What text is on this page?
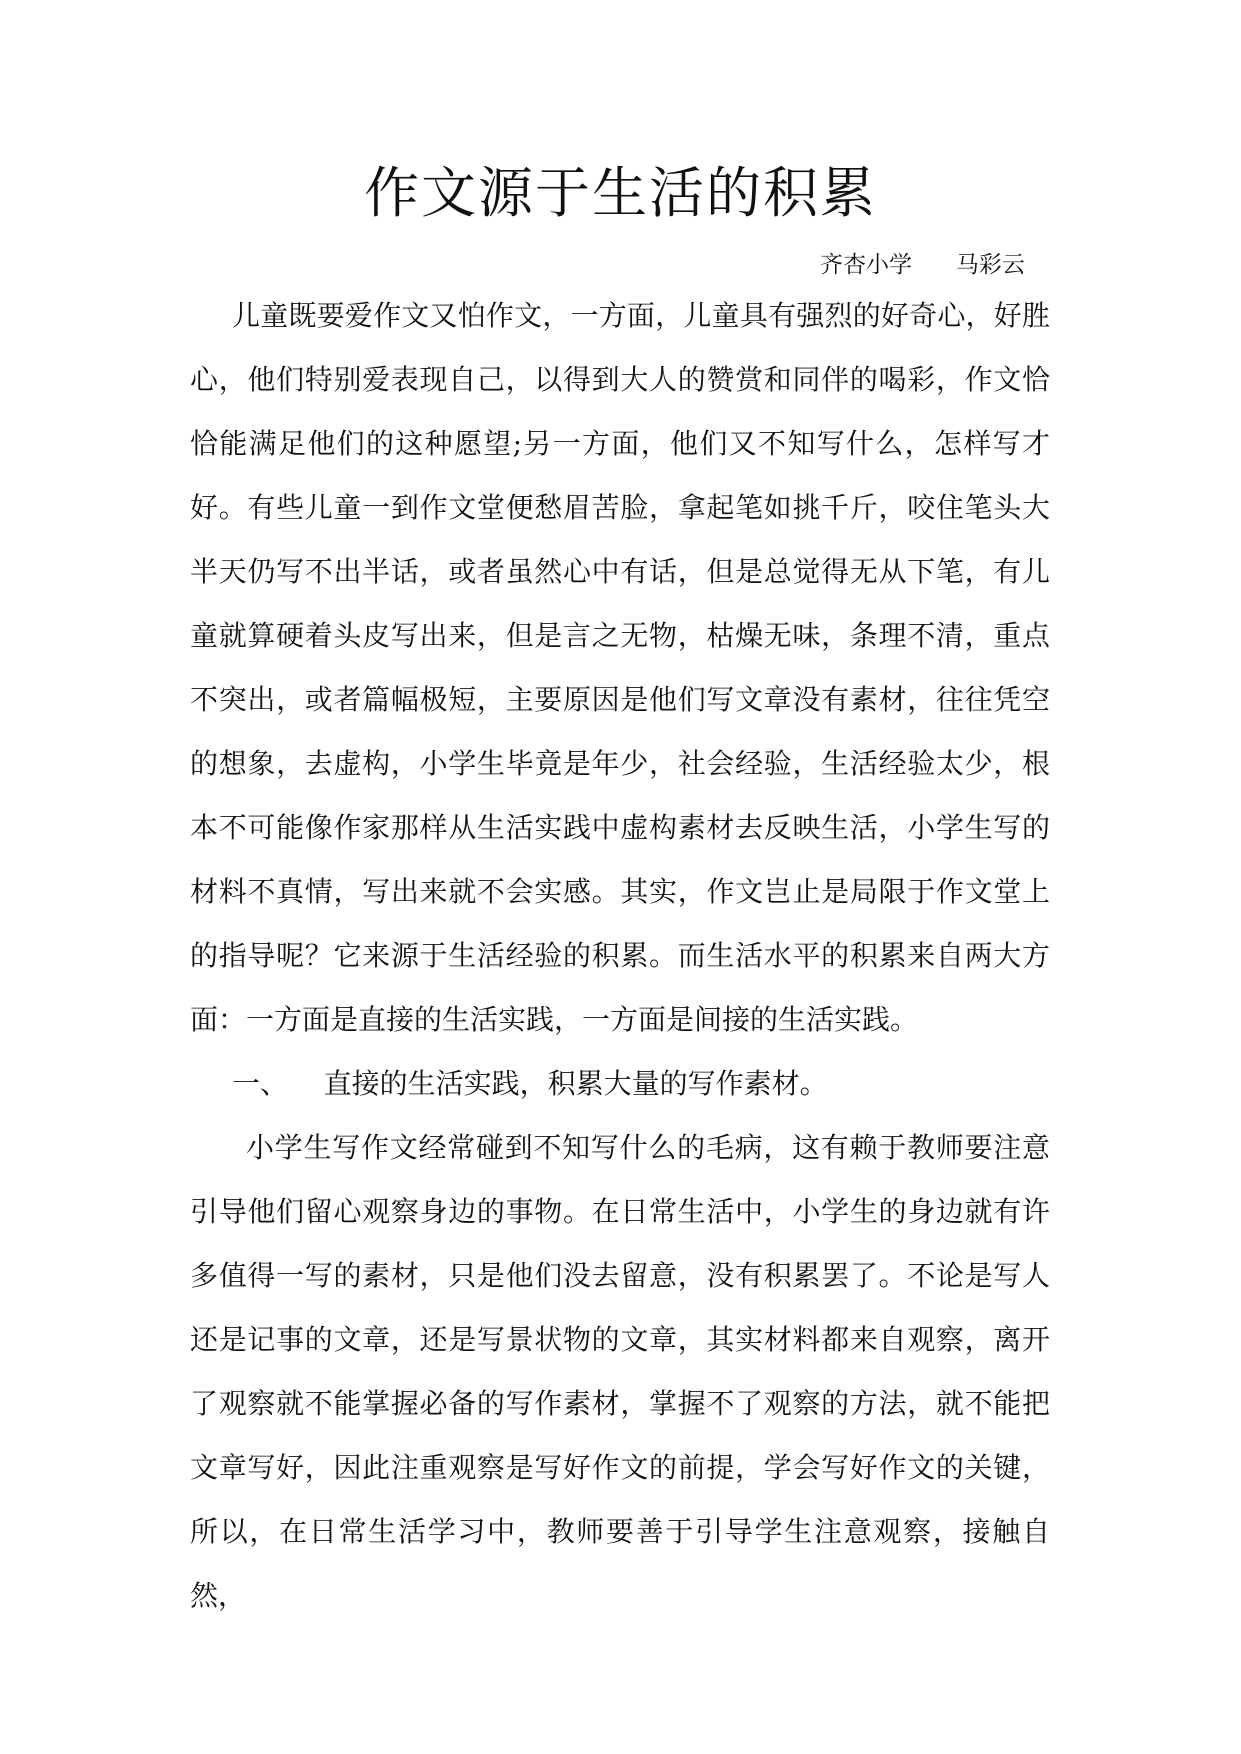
作文源于生活的积累
齐杏小学      马彩云

儿童既要爱作文又怕作文，一方面，儿童具有强烈的好奇心，好胜心，他们特别爱表现自己，以得到大人的赞赏和同伴的喝彩，作文恰恰能满足他们的这种愿望;另一方面，他们又不知写什么，怎样写才好。有些儿童一到作文堂便愁眉苦脸，拿起笔如挑千斤，咬住笔头大半天仍写不出半话，或者虽然心中有话，但是总觉得无从下笔，有儿童就算硬着头皮写出来，但是言之无物，枯燥无味，条理不清，重点不突出，或者篇幅极短，主要原因是他们写文章没有素材，往往凭空的想象，去虚构，小学生毕竟是年少，社会经验，生活经验太少，根本不可能像作家那样从生活实践中虚构素材去反映生活，小学生写的材料不真情，写出来就不会实感。其实，作文岂止是局限于作文堂上的指导呢？它来源于生活经验的积累。而生活水平的积累来自两大方面：一方面是直接的生活实践，一方面是间接的生活实践。

一、    直接的生活实践，积累大量的写作素材。

小学生写作文经常碰到不知写什么的毛病，这有赖于教师要注意引导他们留心观察身边的事物。在日常生活中，小学生的身边就有许多值得一写的素材，只是他们没去留意，没有积累罢了。不论是写人还是记事的文章，还是写景状物的文章，其实材料都来自观察，离开了观察就不能掌握必备的写作素材，掌握不了观察的方法，就不能把文章写好，因此注重观察是写好作文的前提，学会写好作文的关键，所以，在日常生活学习中，教师要善于引导学生注意观察，接触自然，
